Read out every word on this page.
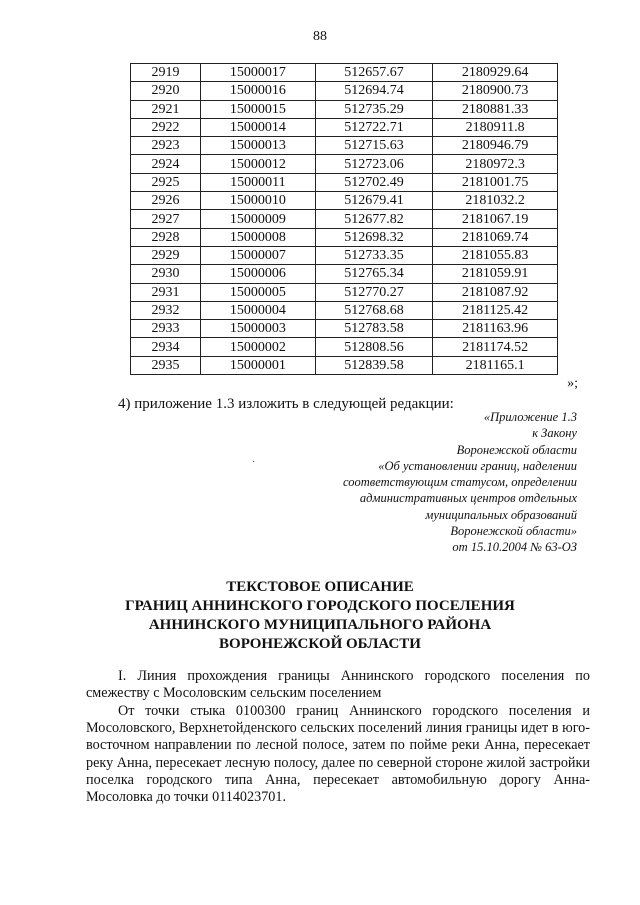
88
2919	15000017	512657.67	2180929.64
2920	15000016	512694.74	2180900.73
2921	15000015	512735.29	2180881.33
2922	15000014	512722.71	2180911.8
2923	15000013	512715.63	2180946.79
2924	15000012	512723.06	2180972.3
2925	15000011	512702.49	2181001.75
2926	15000010	512679.41	2181032.2
2927	15000009	512677.82	2181067.19
2928	15000008	512698.32	2181069.74
2929	15000007	512733.35	2181055.83
2930	15000006	512765.34	2181059.91
2931	15000005	512770.27	2181087.92
2932	15000004	512768.68	2181125.42
2933	15000003	512783.58	2181163.96
2934	15000002	512808.56	2181174.52
2935	15000001	512839.58	2181165.1
»;
4) приложение 1.3 изложить в следующей редакции:
«Приложение 1.3
к Закону
Воронежской области
«Об установлении границ, наделении
соответствующим статусом, определении
административных центров отдельных
муниципальных образований
Воронежской области»
от 15.10.2004 № 63-ОЗ
·
ТЕКСТОВОЕ ОПИСАНИЕ
ГРАНИЦ АННИНСКОГО ГОРОДСКОГО ПОСЕЛЕНИЯ
АННИНСКОГО МУНИЦИПАЛЬНОГО РАЙОНА
ВОРОНЕЖСКОЙ ОБЛАСТИ
I. Линия прохождения границы Аннинского городского поселения по смежеству с Мосоловским сельским поселением
От точки стыка 0100300 границ Аннинского городского поселения и Мосоловского, Верхнетойденского сельских поселений линия границы идет в юго-восточном направлении по лесной полосе, затем по пойме реки Анна, пересекает реку Анна, пересекает лесную полосу, далее по северной стороне жилой застройки поселка городского типа Анна, пересекает автомобильную дорогу Анна-Мосоловка до точки 0114023701.
